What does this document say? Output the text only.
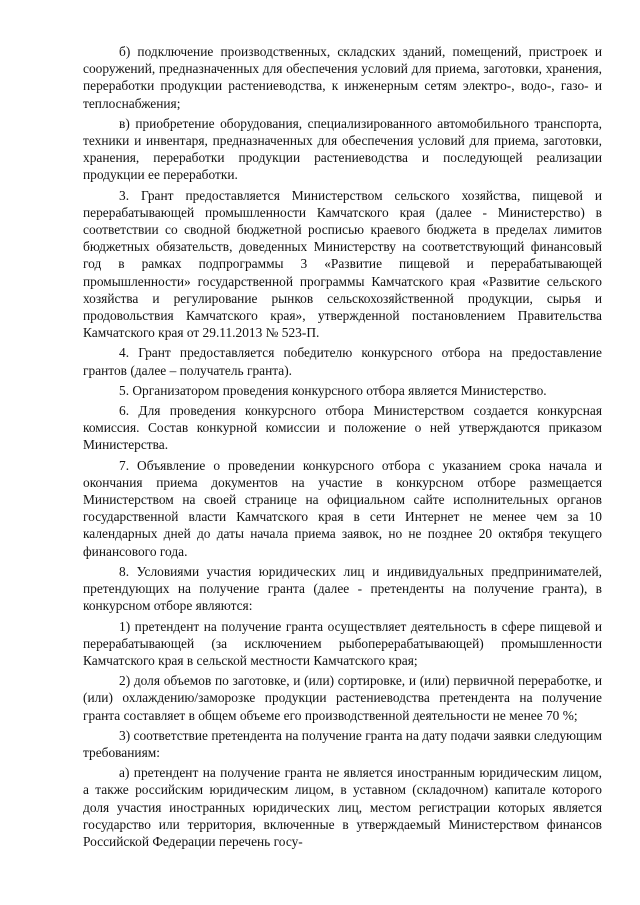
б) подключение производственных, складских зданий, помещений, пристроек и сооружений, предназначенных для обеспечения условий для приема, заготовки, хранения, переработки продукции растениеводства, к инженерным сетям электро-, водо-, газо- и теплоснабжения;

в) приобретение оборудования, специализированного автомобильного транспорта, техники и инвентаря, предназначенных для обеспечения условий для приема, заготовки, хранения, переработки продукции растениеводства и последующей реализации продукции ее переработки.

3. Грант предоставляется Министерством сельского хозяйства, пищевой и перерабатывающей промышленности Камчатского края (далее - Министерство) в соответствии со сводной бюджетной росписью краевого бюджета в пределах лимитов бюджетных обязательств, доведенных Министерству на соответствующий финансовый год в рамках подпрограммы 3 «Развитие пищевой и перерабатывающей промышленности» государственной программы Камчатского края «Развитие сельского хозяйства и регулирование рынков сельскохозяйственной продукции, сырья и продовольствия Камчатского края», утвержденной постановлением Правительства Камчатского края от 29.11.2013 № 523-П.

4. Грант предоставляется победителю конкурсного отбора на предоставление грантов (далее – получатель гранта).

5. Организатором проведения конкурсного отбора является Министерство.

6. Для проведения конкурсного отбора Министерством создается конкурсная комиссия. Состав конкурной комиссии и положение о ней утверждаются приказом Министерства.

7. Объявление о проведении конкурсного отбора с указанием срока начала и окончания приема документов на участие в конкурсном отборе размещается Министерством на своей странице на официальном сайте исполнительных органов государственной власти Камчатского края в сети Интернет не менее чем за 10 календарных дней до даты начала приема заявок, но не позднее 20 октября текущего финансового года.

8. Условиями участия юридических лиц и индивидуальных предпринимателей, претендующих на получение гранта (далее - претенденты на получение гранта), в конкурсном отборе являются:

1) претендент на получение гранта осуществляет деятельность в сфере пищевой и перерабатывающей (за исключением рыбоперерабатывающей) промышленности Камчатского края в сельской местности Камчатского края;

2) доля объемов по заготовке, и (или) сортировке, и (или) первичной переработке, и (или) охлаждению/заморозке продукции растениеводства претендента на получение гранта составляет в общем объеме его производственной деятельности не менее 70 %;

3) соответствие претендента на получение гранта на дату подачи заявки следующим требованиям:

а) претендент на получение гранта не является иностранным юридическим лицом, а также российским юридическим лицом, в уставном (складочном) капитале которого доля участия иностранных юридических лиц, местом регистрации которых является государство или территория, включенные в утверждаемый Министерством финансов Российской Федерации перечень госу-
